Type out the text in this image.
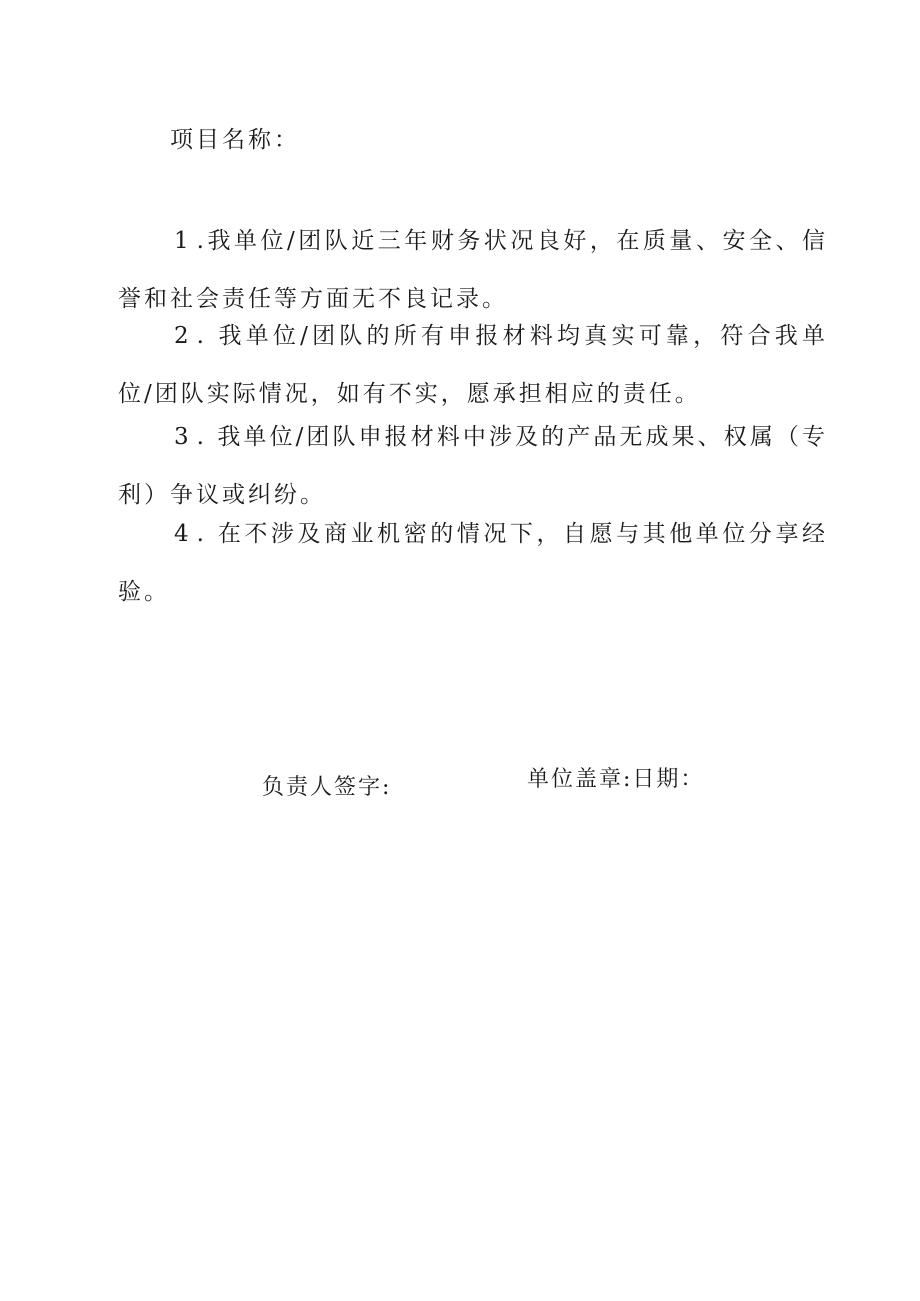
项目名称：

1.我单位/团队近三年财务状况良好，在质量、安全、信誉和社会责任等方面无不良记录。

2. 我单位/团队的所有申报材料均真实可靠，符合我单位/团队实际情况，如有不实，愿承担相应的责任。

3. 我单位/团队申报材料中涉及的产品无成果、权属（专利）争议或纠纷。

4. 在不涉及商业机密的情况下，自愿与其他单位分享经验。

负责人签字:	单位盖章:日期：
